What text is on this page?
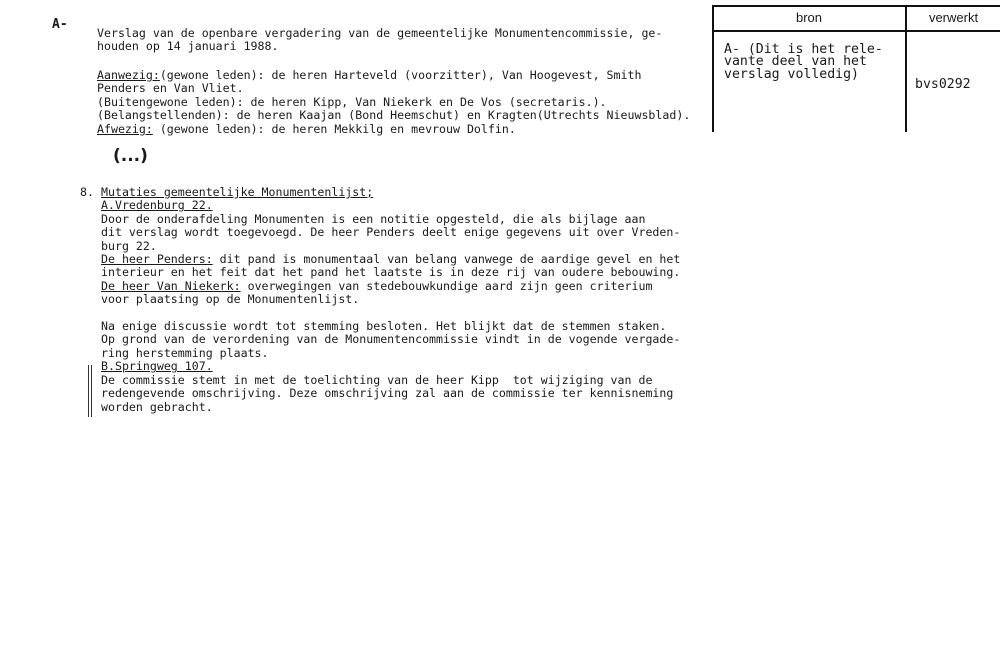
A-
Verslag van de openbare vergadering van de gemeentelijke Monumentencommissie, ge-
houden op 14 januari 1988.
Aanwezig:(gewone leden): de heren Harteveld (voorzitter), Van Hoogevest, Smith
Penders en Van Vliet.
(Buitengewone leden): de heren Kipp, Van Niekerk en De Vos (secretaris.).
(Belangstellenden): de heren Kaajan (Bond Heemschut) en Kragten(Utrechts Nieuwsblad).
Afwezig: (gewone leden): de heren Mekkilg en mevrouw Dolfin.
(...)
8. Mutaties gemeentelijke Monumentenlijst;
A.Vredenburg 22.
Door de onderafdeling Monumenten is een notitie opgesteld, die als bijlage aan
dit verslag wordt toegevoegd. De heer Penders deelt enige gegevens uit over Vreden-
burg 22.
De heer Penders: dit pand is monumentaal van belang vanwege de aardige gevel en het
interieur en het feit dat het pand het laatste is in deze rij van oudere bebouwing.
De heer Van Niekerk: overwegingen van stedebouwkundige aard zijn geen criterium
voor plaatsing op de Monumentenlijst.

Na enige discussie wordt tot stemming besloten. Het blijkt dat de stemmen staken.
Op grond van de verordening van de Monumentencommissie vindt in de vogende vergade-
ring herstemming plaats.
B.Springweg 107.
De commissie stemt in met de toelichting van de heer Kipp  tot wijziging van de
redengevende omschrijving. Deze omschrijving zal aan de commissie ter kennisneming
worden gebracht.
bron	verwerkt
A- (Dit is het rele-
vante deel van het
verslag volledig)
bvs0292
